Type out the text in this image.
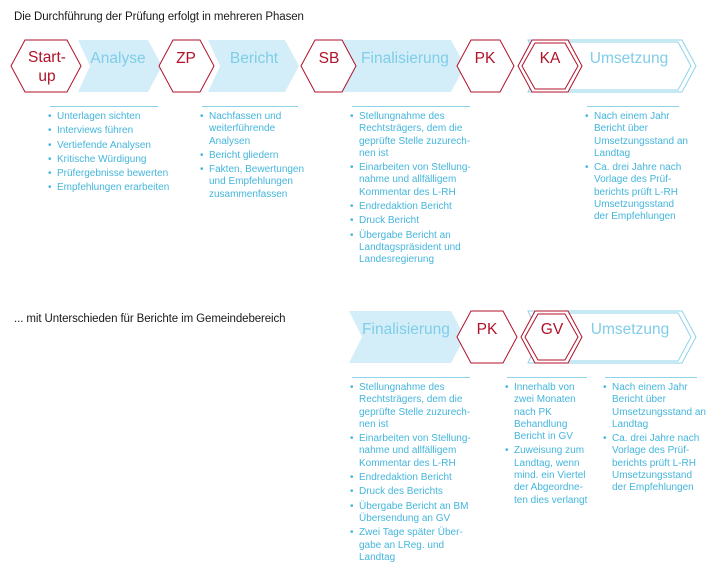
Die Durchführung der Prüfung erfolgt in mehreren Phasen
... mit Unterschieden für Berichte im Gemeindebereich
Analyse	Bericht	Finalisierung	Umsetzung
Start-
up
ZP	SB	PK	KA
Finalisierung	Umsetzung
PK	GV
• Unterlagen sichten
• Interviews führen
• Vertiefende Analysen
• Kritische Würdigung
• Prüfergebnisse bewerten
• Empfehlungen erarbeiten
• Nachfassen und weiterführende Analysen
• Bericht gliedern
• Fakten, Bewertungen und Empfehlungen zusammenfassen
• Stellungnahme des Rechtsträgers, dem die geprüfte Stelle zuzurech-nen ist
• Einarbeiten von Stellung-nahme und allfälligem Kommentar des L-RH
• Endredaktion Bericht
• Druck Bericht
• Übergabe Bericht an Landtagspräsident und Landesregierung
• Nach einem Jahr Bericht über Umsetzungsstand an Landtag
• Ca. drei Jahre nach Vorlage des Prüf-berichts prüft L-RH Umsetzungsstand der Empfehlungen
• Stellungnahme des Rechtsträgers, dem die geprüfte Stelle zuzurech-nen ist
• Einarbeiten von Stellung-nahme und allfälligem Kommentar des L-RH
• Endredaktion Bericht
• Druck des Berichts
• Übergabe Bericht an BM Übersendung an GV
• Zwei Tage später Über-gabe an LReg. und Landtag
• Innerhalb von zwei Monaten nach PK Behandlung Bericht in GV
• Zuweisung zum Landtag, wenn mind. ein Viertel der Abgeordne-ten dies verlangt
• Nach einem Jahr Bericht über Umsetzungsstand an Landtag
• Ca. drei Jahre nach Vorlage des Prüf-berichts prüft L-RH Umsetzungsstand der Empfehlungen
